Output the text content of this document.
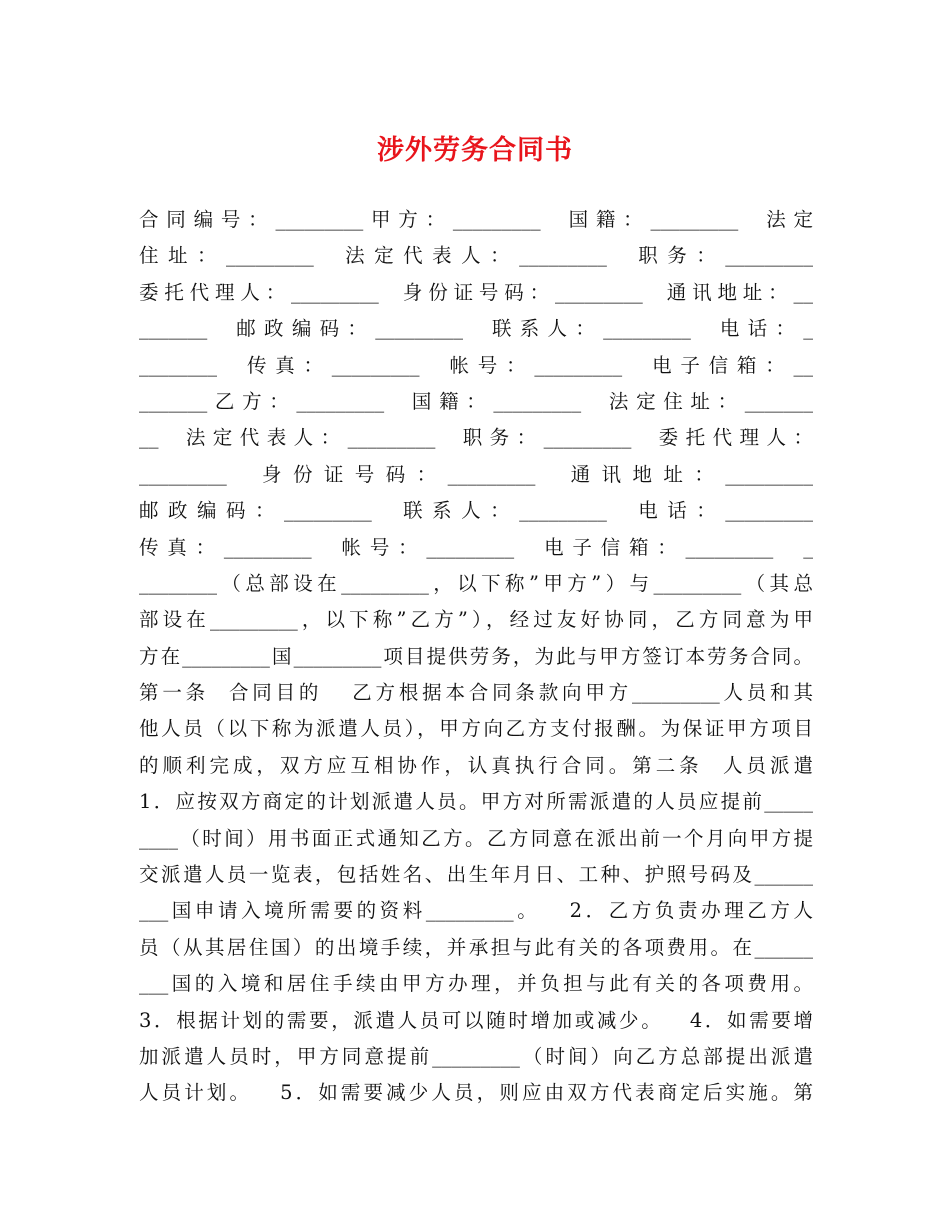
涉外劳务合同书
合同编号：_________甲方：_________  国籍：_________  法定
住址：_________  法定代表人：_________  职务：_________
委托代理人：_________  身份证号码：_________  通讯地址：__
_______  邮政编码：_________  联系人：_________  电话：_
________  传真：_________  帐号：_________  电子信箱：__
_______乙方：_________  国籍：_________  法定住址：_______
__  法定代表人：_________  职务：_________  委托代理人：
_________  身份证号码：_________  通讯地址：_________
邮政编码：_________  联系人：_________  电话：_________
传真：_________  帐号：_________  电子信箱：_________  _
________（总部设在_________，以下称”甲方”）与_________（其总
部设在_________，以下称”乙方”），经过友好协同，乙方同意为甲
方在_________国_________项目提供劳务，为此与甲方签订本劳务合同。
第一条  合同目的   乙方根据本合同条款向甲方_________人员和其
他人员（以下称为派遣人员），甲方向乙方支付报酬。为保证甲方项目
的顺利完成，双方应互相协作，认真执行合同。第二条  人员派遣
1．应按双方商定的计划派遣人员。甲方对所需派遣的人员应提前_____
____（时间）用书面正式通知乙方。乙方同意在派出前一个月向甲方提
交派遣人员一览表，包括姓名、出生年月日、工种、护照号码及______
___国申请入境所需要的资料_________。   2．乙方负责办理乙方人
员（从其居住国）的出境手续，并承担与此有关的各项费用。在______
___国的入境和居住手续由甲方办理，并负担与此有关的各项费用。
3．根据计划的需要，派遣人员可以随时增加或减少。   4．如需要增
加派遣人员时，甲方同意提前_________（时间）向乙方总部提出派遣
人员计划。   5．如需要减少人员，则应由双方代表商定后实施。第
